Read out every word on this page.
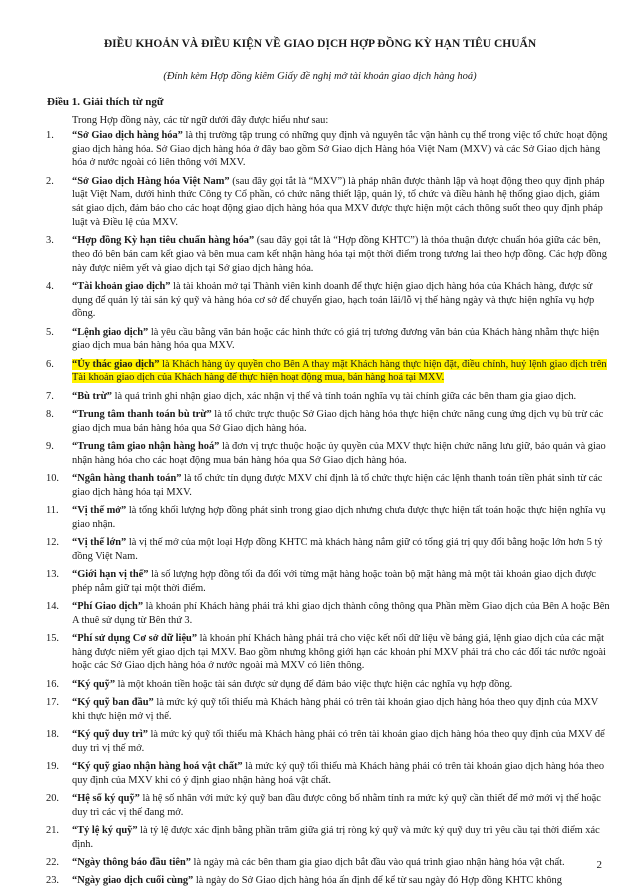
ĐIỀU KHOẢN VÀ ĐIỀU KIỆN VỀ GIAO DỊCH HỢP ĐỒNG KỲ HẠN TIÊU CHUẨN
(Đính kèm Hợp đồng kiêm Giấy đề nghị mở tài khoản giao dịch hàng hoá)
Điều 1. Giải thích từ ngữ
Trong Hợp đồng này, các từ ngữ dưới đây được hiểu như sau:
1. “Sở Giao dịch hàng hóa” là thị trường tập trung có những quy định và nguyên tắc vận hành cụ thể trong việc tổ chức hoạt động giao dịch hàng hóa. Sở Giao dịch hàng hóa ở đây bao gồm Sở Giao dịch Hàng hóa Việt Nam (MXV) và các Sở Giao dịch hàng hóa ở nước ngoài có liên thông với MXV.
2. “Sở Giao dịch Hàng hóa Việt Nam” (sau đây gọi tắt là “MXV”) là pháp nhân được thành lập và hoạt động theo quy định pháp luật Việt Nam, dưới hình thức Công ty Cổ phần, có chức năng thiết lập, quản lý, tổ chức và điều hành hệ thống giao dịch, giám sát giao dịch, đảm bảo cho các hoạt động giao dịch hàng hóa qua MXV được thực hiện một cách thông suốt theo quy định pháp luật và Điều lệ của MXV.
3. “Hợp đồng Kỳ hạn tiêu chuẩn hàng hóa” (sau đây gọi tắt là “Hợp đồng KHTC”) là thỏa thuận được chuẩn hóa giữa các bên, theo đó bên bán cam kết giao và bên mua cam kết nhận hàng hóa tại một thời điểm trong tương lai theo hợp đồng. Các hợp đồng này được niêm yết và giao dịch tại Sở giao dịch hàng hóa.
4. “Tài khoản giao dịch” là tài khoản mở tại Thành viên kinh doanh để thực hiện giao dịch hàng hóa của Khách hàng, được sử dụng để quản lý tài sản ký quỹ và hàng hóa cơ sở để chuyển giao, hạch toán lãi/lỗ vị thế hàng ngày và thực hiện nghĩa vụ hợp đồng.
5. “Lệnh giao dịch” là yêu cầu bằng văn bản hoặc các hình thức có giá trị tương đương văn bản của Khách hàng nhằm thực hiện giao dịch mua bán hàng hóa qua MXV.
6. “Ủy thác giao dịch” là Khách hàng ủy quyền cho Bên A thay mặt Khách hàng thực hiện đặt, điều chỉnh, huỷ lệnh giao dịch trên Tài khoản giao dịch của Khách hàng để thực hiện hoạt động mua, bán hàng hoá tại MXV.
7. “Bù trừ” là quá trình ghi nhận giao dịch, xác nhận vị thế và tính toán nghĩa vụ tài chính giữa các bên tham gia giao dịch.
8. “Trung tâm thanh toán bù trừ” là tổ chức trực thuộc Sở Giao dịch hàng hóa thực hiện chức năng cung ứng dịch vụ bù trừ các giao dịch mua bán hàng hóa qua Sở Giao dịch hàng hóa.
9. “Trung tâm giao nhận hàng hoá” là đơn vị trực thuộc hoặc ủy quyền của MXV thực hiện chức năng lưu giữ, bảo quản và giao nhận hàng hóa cho các hoạt động mua bán hàng hóa qua Sở Giao dịch hàng hóa.
10. “Ngân hàng thanh toán” là tổ chức tín dụng được MXV chỉ định là tổ chức thực hiện các lệnh thanh toán tiền phát sinh từ các giao dịch hàng hóa tại MXV.
11. “Vị thế mở” là tổng khối lượng hợp đồng phát sinh trong giao dịch nhưng chưa được thực hiện tất toán hoặc thực hiện nghĩa vụ giao nhận.
12. “Vị thế lớn” là vị thế mở của một loại Hợp đồng KHTC mà khách hàng nắm giữ có tổng giá trị quy đổi bằng hoặc lớn hơn 5 tỷ đồng Việt Nam.
13. “Giới hạn vị thế” là số lượng hợp đồng tối đa đối với từng mặt hàng hoặc toàn bộ mặt hàng mà một tài khoản giao dịch được phép nắm giữ tại một thời điểm.
14. “Phí Giao dịch” là khoản phí Khách hàng phải trả khi giao dịch thành công thông qua Phần mềm Giao dịch của Bên A hoặc Bên A thuê sử dụng từ Bên thứ 3.
15. “Phí sử dụng Cơ sở dữ liệu” là khoản phí Khách hàng phải trả cho việc kết nối dữ liệu về bảng giá, lệnh giao dịch của các mặt hàng được niêm yết giao dịch tại MXV. Bao gồm nhưng không giới hạn các khoản phí MXV phải trả cho các đối tác nước ngoài hoặc các Sở Giao dịch hàng hóa ở nước ngoài mà MXV có liên thông.
16. “Ký quỹ” là một khoản tiền hoặc tài sản được sử dụng để đảm bảo việc thực hiện các nghĩa vụ hợp đồng.
17. “Ký quỹ ban đầu” là mức ký quỹ tối thiểu mà Khách hàng phải có trên tài khoản giao dịch hàng hóa theo quy định của MXV khi thực hiện mở vị thế.
18. “Ký quỹ duy trì” là mức ký quỹ tối thiểu mà Khách hàng phải có trên tài khoản giao dịch hàng hóa theo quy định của MXV để duy trì vị thế mở.
19. “Ký quỹ giao nhận hàng hoá vật chất” là mức ký quỹ tối thiểu mà Khách hàng phải có trên tài khoản giao dịch hàng hóa theo quy định của MXV khi có ý định giao nhận hàng hoá vật chất.
20. “Hệ số ký quỹ” là hệ số nhân với mức ký quỹ ban đầu được công bố nhằm tính ra mức ký quỹ cần thiết để mở mới vị thế hoặc duy trì các vị thế đang mở.
21. “Tỷ lệ ký quỹ” là tỷ lệ được xác định bằng phần trăm giữa giá trị ròng ký quỹ và mức ký quỹ duy trì yêu cầu tại thời điểm xác định.
22. “Ngày thông báo đầu tiên” là ngày mà các bên tham gia giao dịch bắt đầu vào quá trình giao nhận hàng hóa vật chất.
23. “Ngày giao dịch cuối cùng” là ngày do Sở Giao dịch hàng hóa ấn định để kể từ sau ngày đó Hợp đồng KHTC không
2
